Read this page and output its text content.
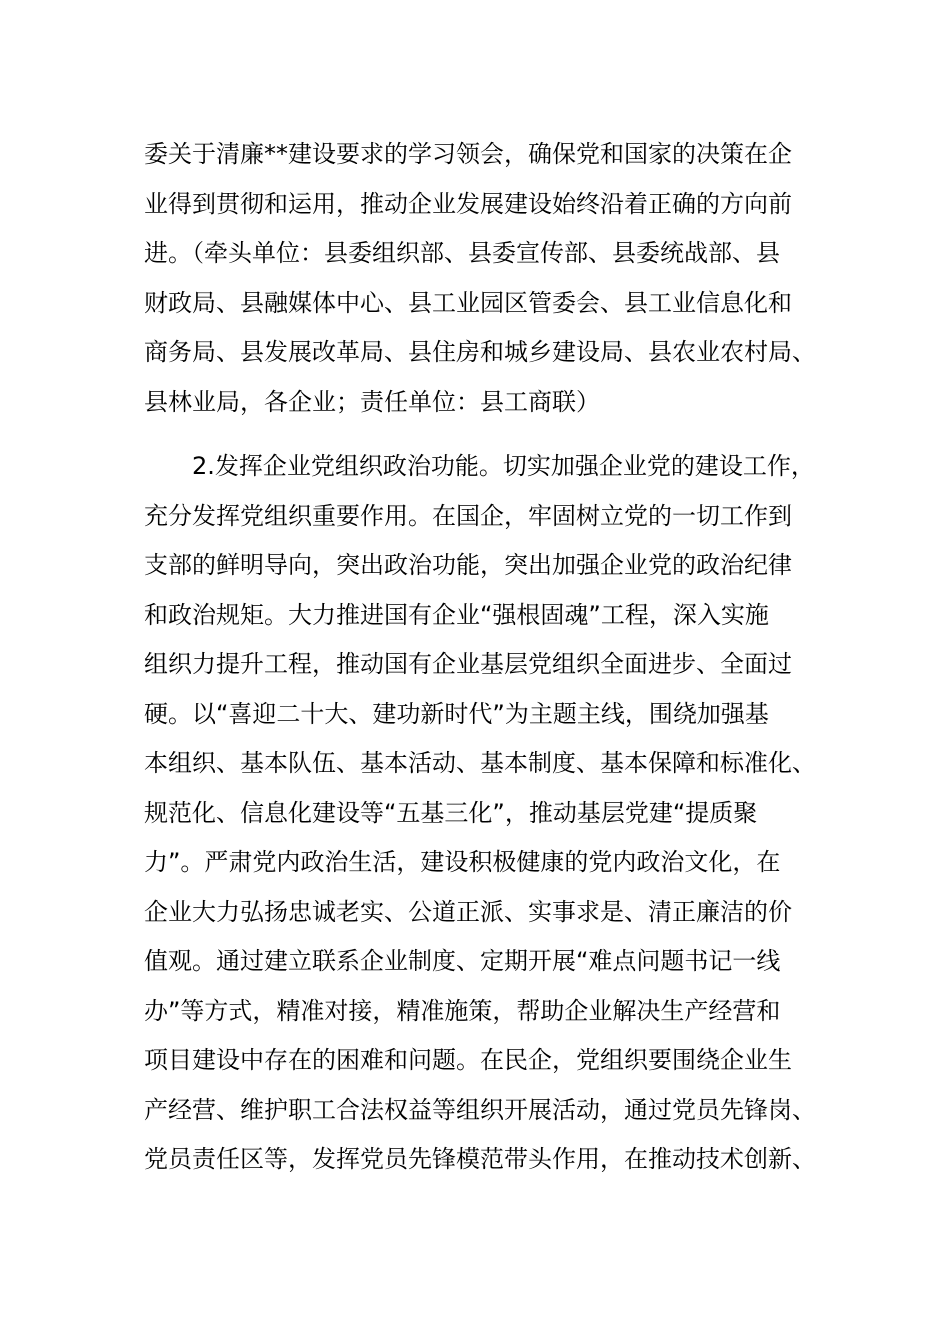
委关于清廉**建设要求的学习领会，确保党和国家的决策在企

业得到贯彻和运用，推动企业发展建设始终沿着正确的方向前

进。（牵头单位：县委组织部、县委宣传部、县委统战部、县

财政局、县融媒体中心、县工业园区管委会、县工业信息化和

商务局、县发展改革局、县住房和城乡建设局、县农业农村局、

县林业局，各企业；责任单位：县工商联）

2.发挥企业党组织政治功能。切实加强企业党的建设工作，

充分发挥党组织重要作用。在国企，牢固树立党的一切工作到

支部的鲜明导向，突出政治功能，突出加强企业党的政治纪律

和政治规矩。大力推进国有企业“强根固魂”工程，深入实施

组织力提升工程，推动国有企业基层党组织全面进步、全面过

硬。以“喜迎二十大、建功新时代”为主题主线，围绕加强基

本组织、基本队伍、基本活动、基本制度、基本保障和标准化、

规范化、信息化建设等“五基三化”，推动基层党建“提质聚

力”。严肃党内政治生活，建设积极健康的党内政治文化，在

企业大力弘扬忠诚老实、公道正派、实事求是、清正廉洁的价

值观。通过建立联系企业制度、定期开展“难点问题书记一线

办”等方式，精准对接，精准施策，帮助企业解决生产经营和

项目建设中存在的困难和问题。在民企，党组织要围绕企业生

产经营、维护职工合法权益等组织开展活动，通过党员先锋岗、

党员责任区等，发挥党员先锋模范带头作用，在推动技术创新、
